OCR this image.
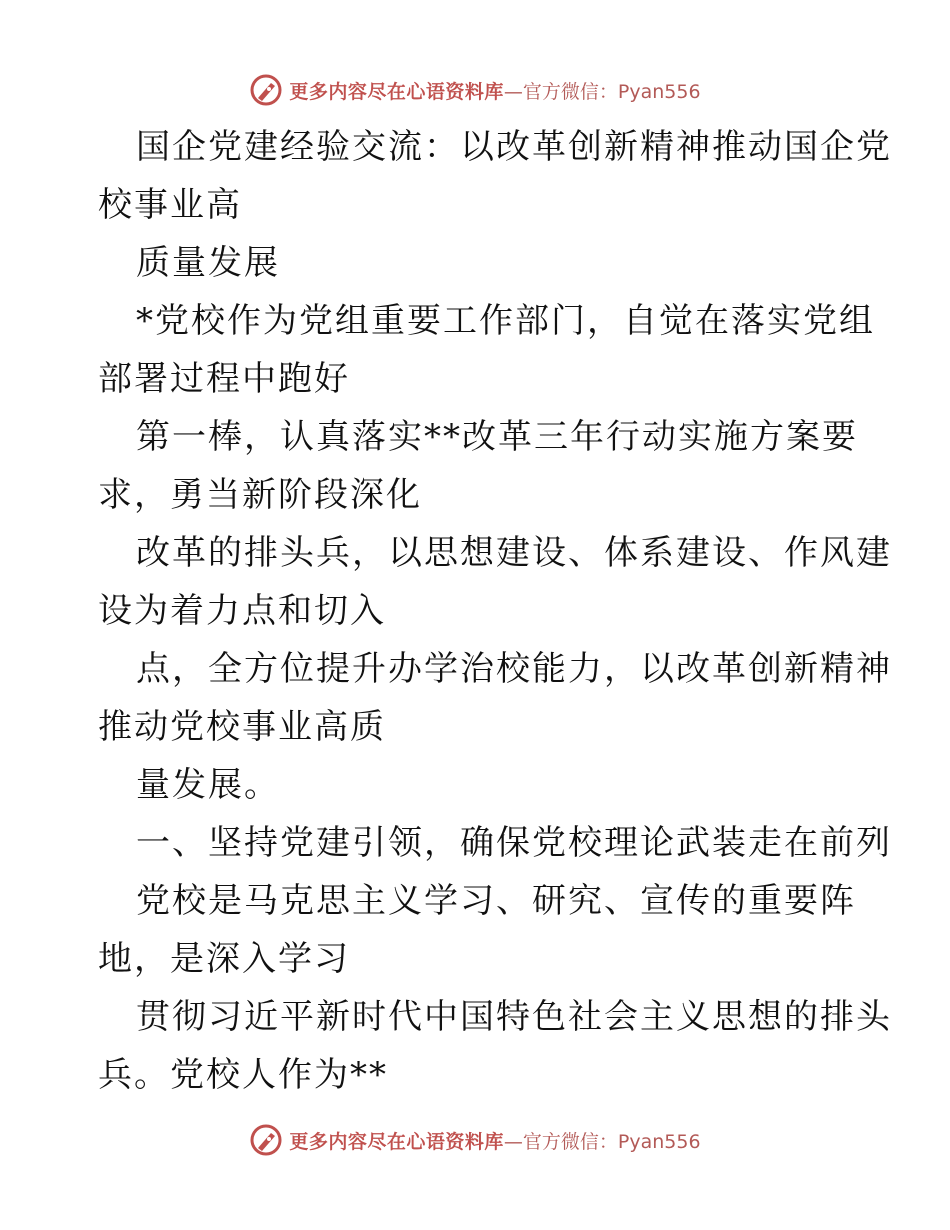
更多内容尽在心语资料库—官方微信：Pyan556
国企党建经验交流：以改革创新精神推动国企党
校事业高
质量发展
*党校作为党组重要工作部门，自觉在落实党组
部署过程中跑好
第一棒，认真落实**改革三年行动实施方案要
求，勇当新阶段深化
改革的排头兵，以思想建设、体系建设、作风建
设为着力点和切入
点，全方位提升办学治校能力，以改革创新精神
推动党校事业高质
量发展。
一、坚持党建引领，确保党校理论武装走在前列
党校是马克思主义学习、研究、宣传的重要阵
地，是深入学习
贯彻习近平新时代中国特色社会主义思想的排头
兵。党校人作为**
更多内容尽在心语资料库—官方微信：Pyan556
